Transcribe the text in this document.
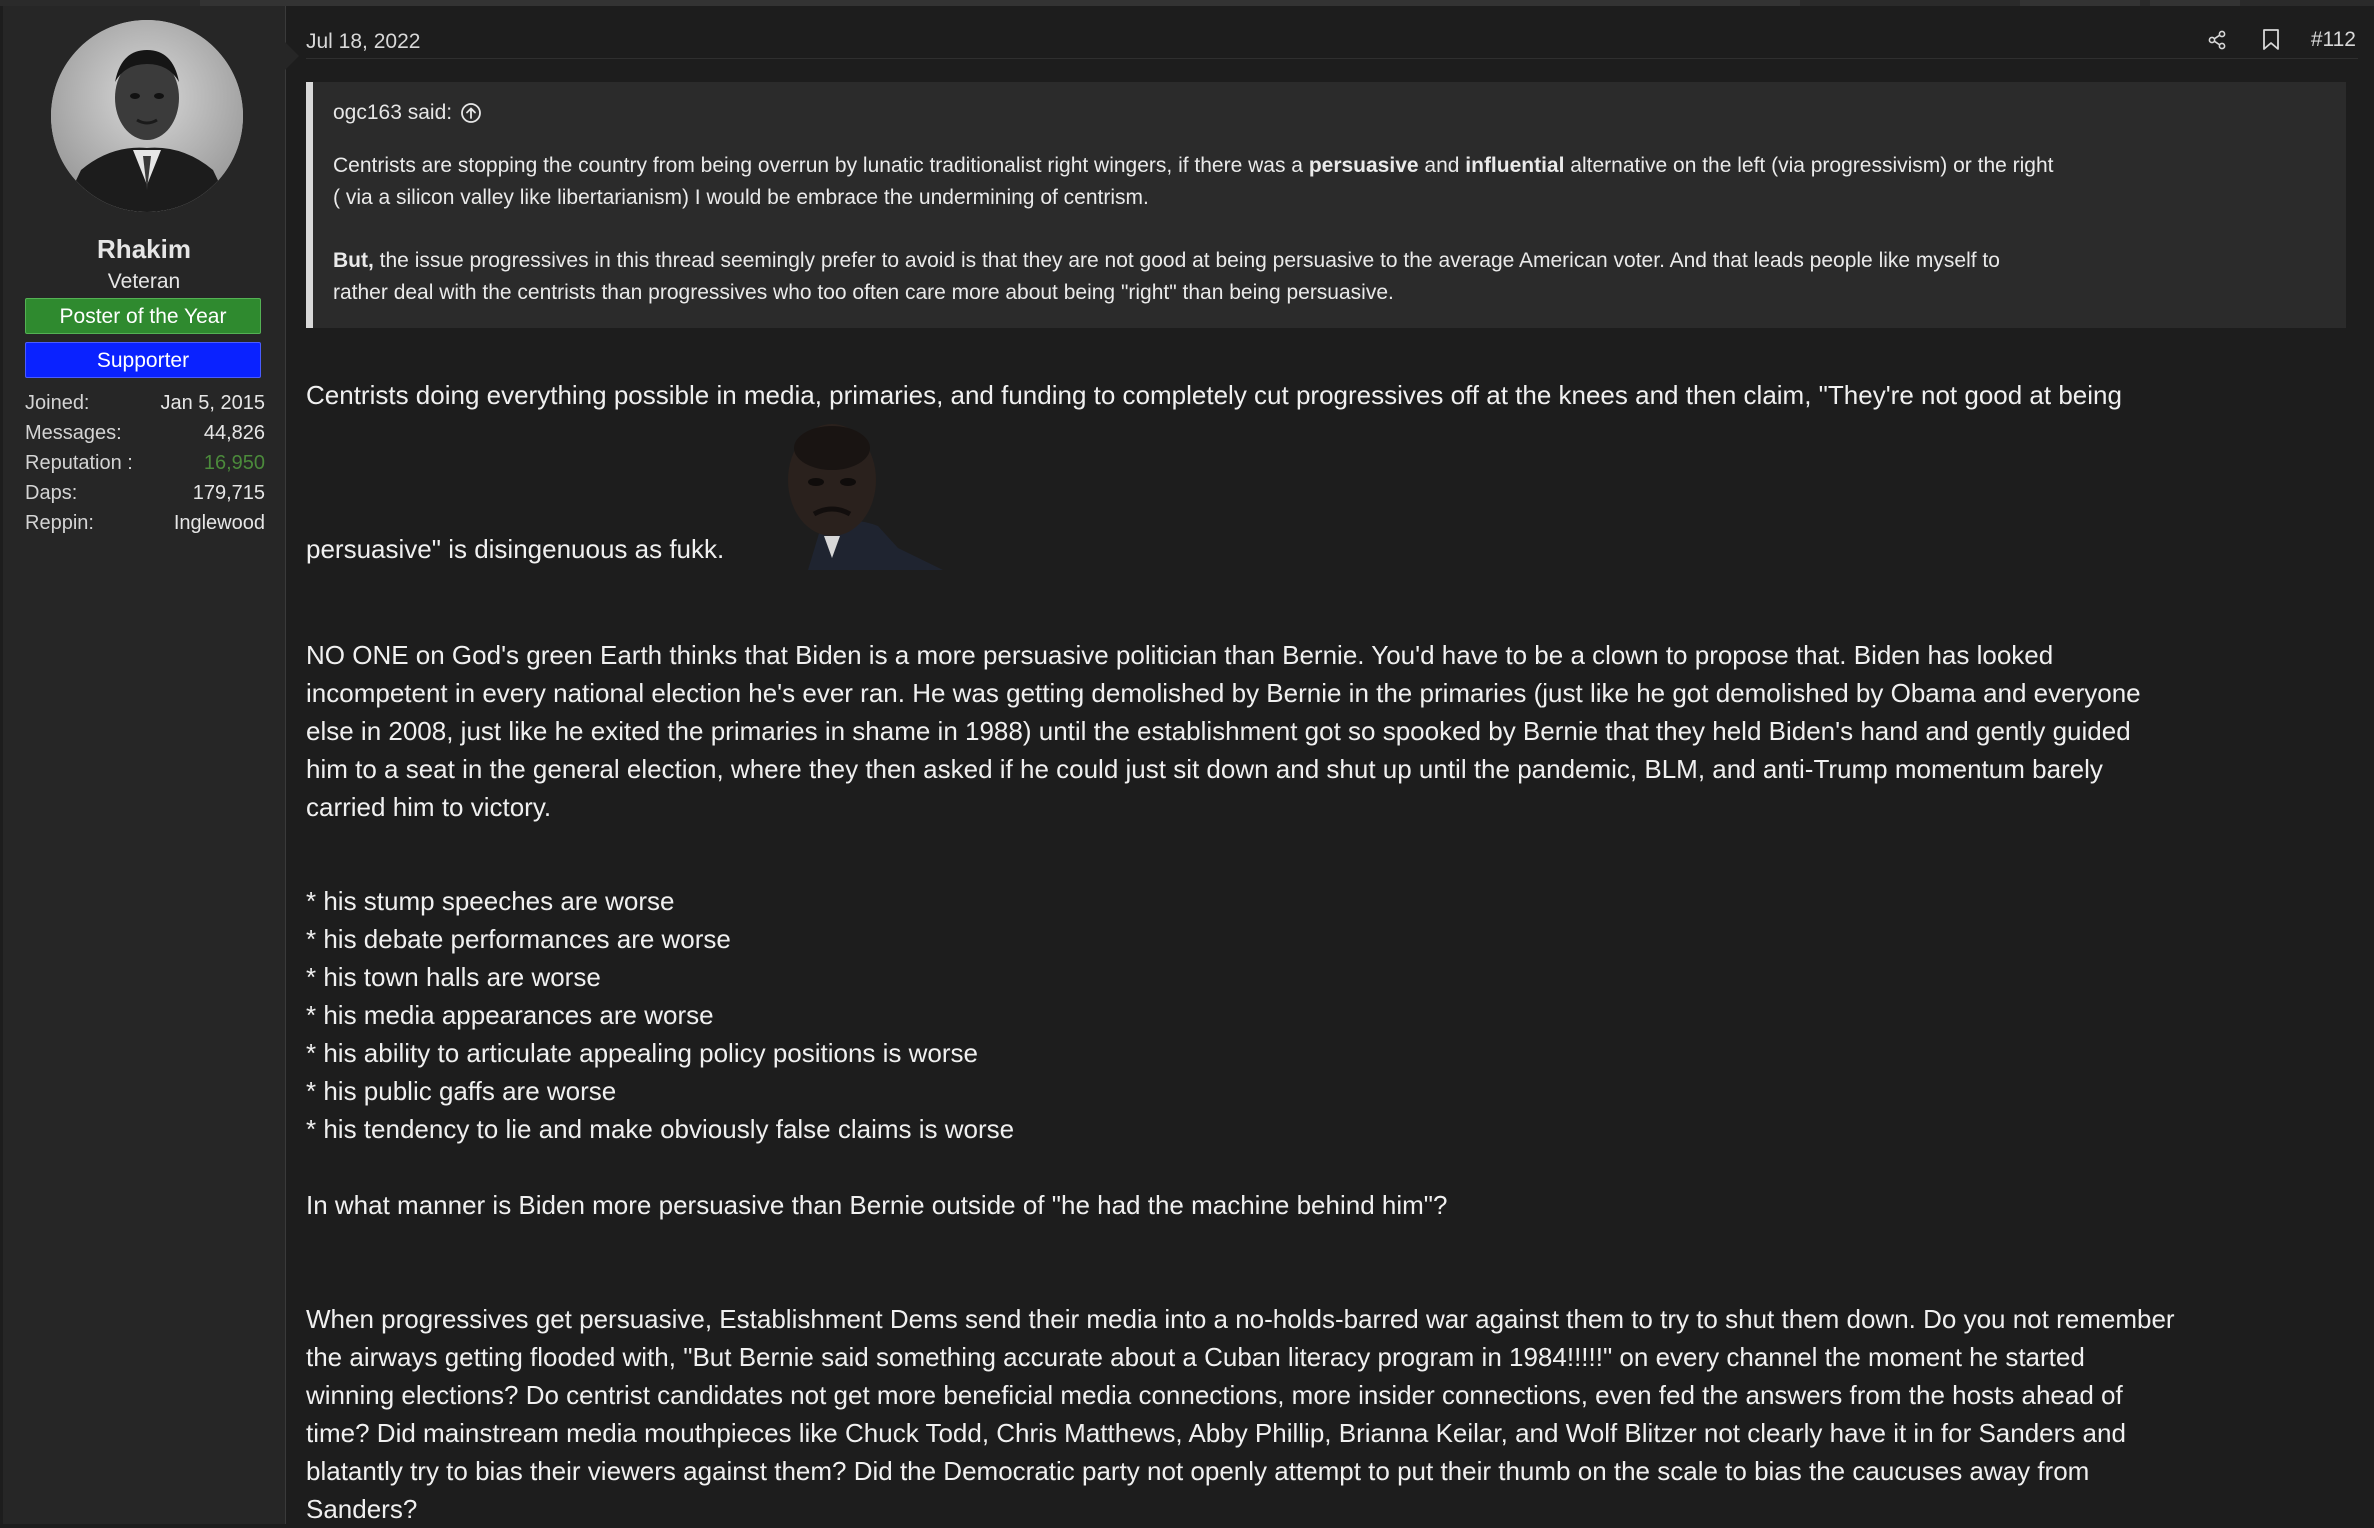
Rhakim
Veteran
Poster of the Year
Supporter
Joined:	Jan 5, 2015
Messages:	44,826
Reputation :	16,950
Daps:	179,715
Reppin:	Inglewood
Jul 18, 2022	#112
ogc163 said:

Centrists are stopping the country from being overrun by lunatic traditionalist right wingers, if there was a persuasive and influential alternative on the left (via progressivism) or the right
( via a silicon valley like libertarianism) I would be embrace the undermining of centrism.

But, the issue progressives in this thread seemingly prefer to avoid is that they are not good at being persuasive to the average American voter. And that leads people like myself to
rather deal with the centrists than progressives who too often care more about being "right" than being persuasive.

Centrists doing everything possible in media, primaries, and funding to completely cut progressives off at the knees and then claim, "They're not good at being
persuasive" is disingenuous as fukk.
NO ONE on God's green Earth thinks that Biden is a more persuasive politician than Bernie. You'd have to be a clown to propose that. Biden has looked
incompetent in every national election he's ever ran. He was getting demolished by Bernie in the primaries (just like he got demolished by Obama and everyone
else in 2008, just like he exited the primaries in shame in 1988) until the establishment got so spooked by Bernie that they held Biden's hand and gently guided
him to a seat in the general election, where they then asked if he could just sit down and shut up until the pandemic, BLM, and anti-Trump momentum barely
carried him to victory.
* his stump speeches are worse
* his debate performances are worse
* his town halls are worse
* his media appearances are worse
* his ability to articulate appealing policy positions is worse
* his public gaffs are worse
* his tendency to lie and make obviously false claims is worse
In what manner is Biden more persuasive than Bernie outside of "he had the machine behind him"?
When progressives get persuasive, Establishment Dems send their media into a no-holds-barred war against them to try to shut them down. Do you not remember
the airways getting flooded with, "But Bernie said something accurate about a Cuban literacy program in 1984!!!!!" on every channel the moment he started
winning elections? Do centrist candidates not get more beneficial media connections, more insider connections, even fed the answers from the hosts ahead of
time? Did mainstream media mouthpieces like Chuck Todd, Chris Matthews, Abby Phillip, Brianna Keilar, and Wolf Blitzer not clearly have it in for Sanders and
blatantly try to bias their viewers against them? Did the Democratic party not openly attempt to put their thumb on the scale to bias the caucuses away from
Sanders?
